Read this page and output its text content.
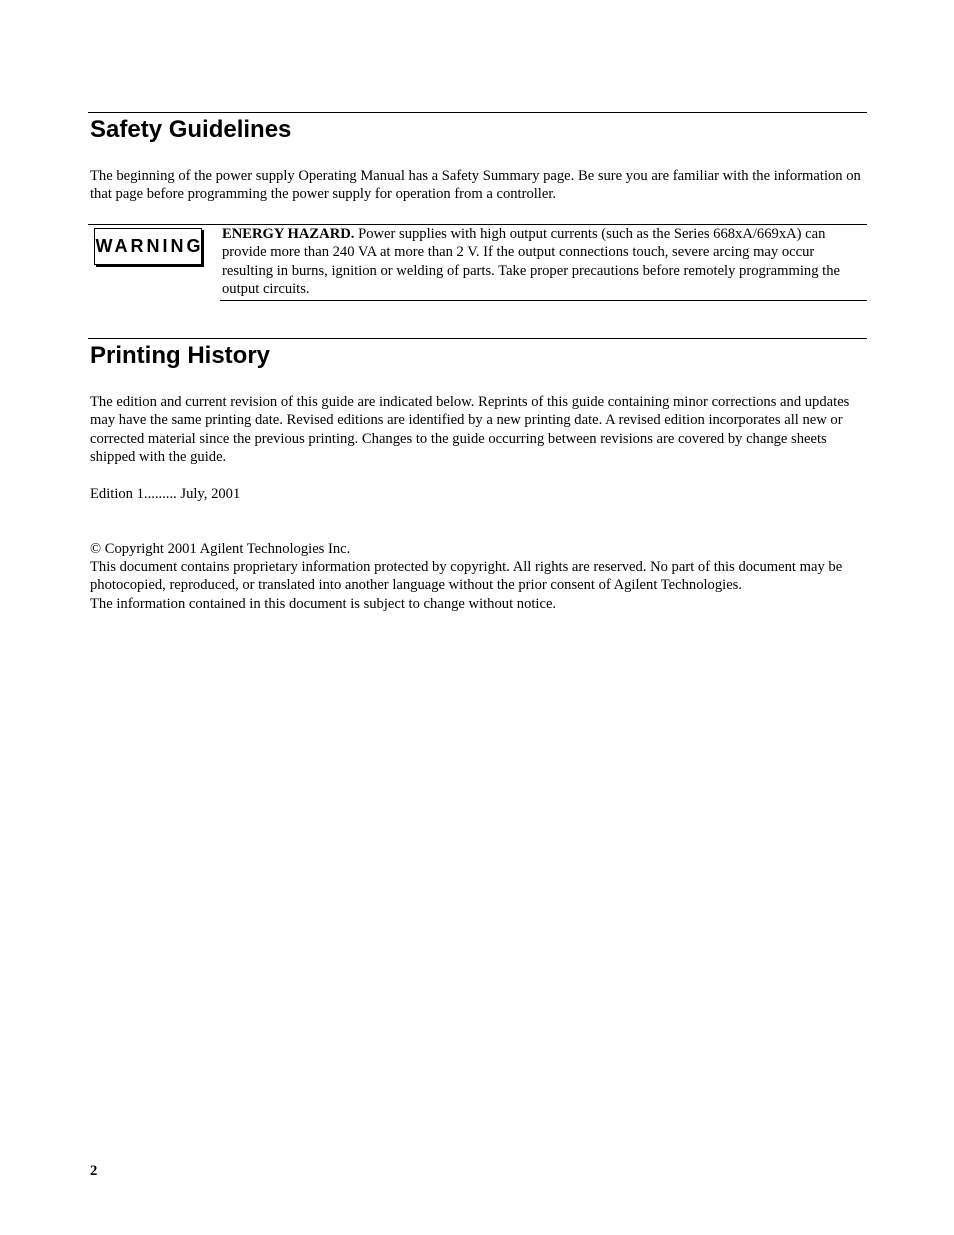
Safety Guidelines

The beginning of the power supply Operating Manual has a Safety Summary page. Be sure you are familiar with the information on that page before programming the power supply for operation from a controller.

WARNING

ENERGY HAZARD. Power supplies with high output currents (such as the Series 668xA/669xA) can provide more than 240 VA at more than 2 V. If the output connections touch, severe arcing may occur resulting in burns, ignition or welding of parts. Take proper precautions before remotely programming the output circuits.

Printing History

The edition and current revision of this guide are indicated below. Reprints of this guide containing minor corrections and updates may have the same printing date. Revised editions are identified by a new printing date. A revised edition incorporates all new or corrected material since the previous printing. Changes to the guide occurring between revisions are covered by change sheets shipped with the guide.

Edition 1......... July, 2001

© Copyright 2001 Agilent Technologies Inc.

This document contains proprietary information protected by copyright. All rights are reserved. No part of this document may be photocopied, reproduced, or translated into another language without the prior consent of Agilent Technologies.

The information contained in this document is subject to change without notice.

2
